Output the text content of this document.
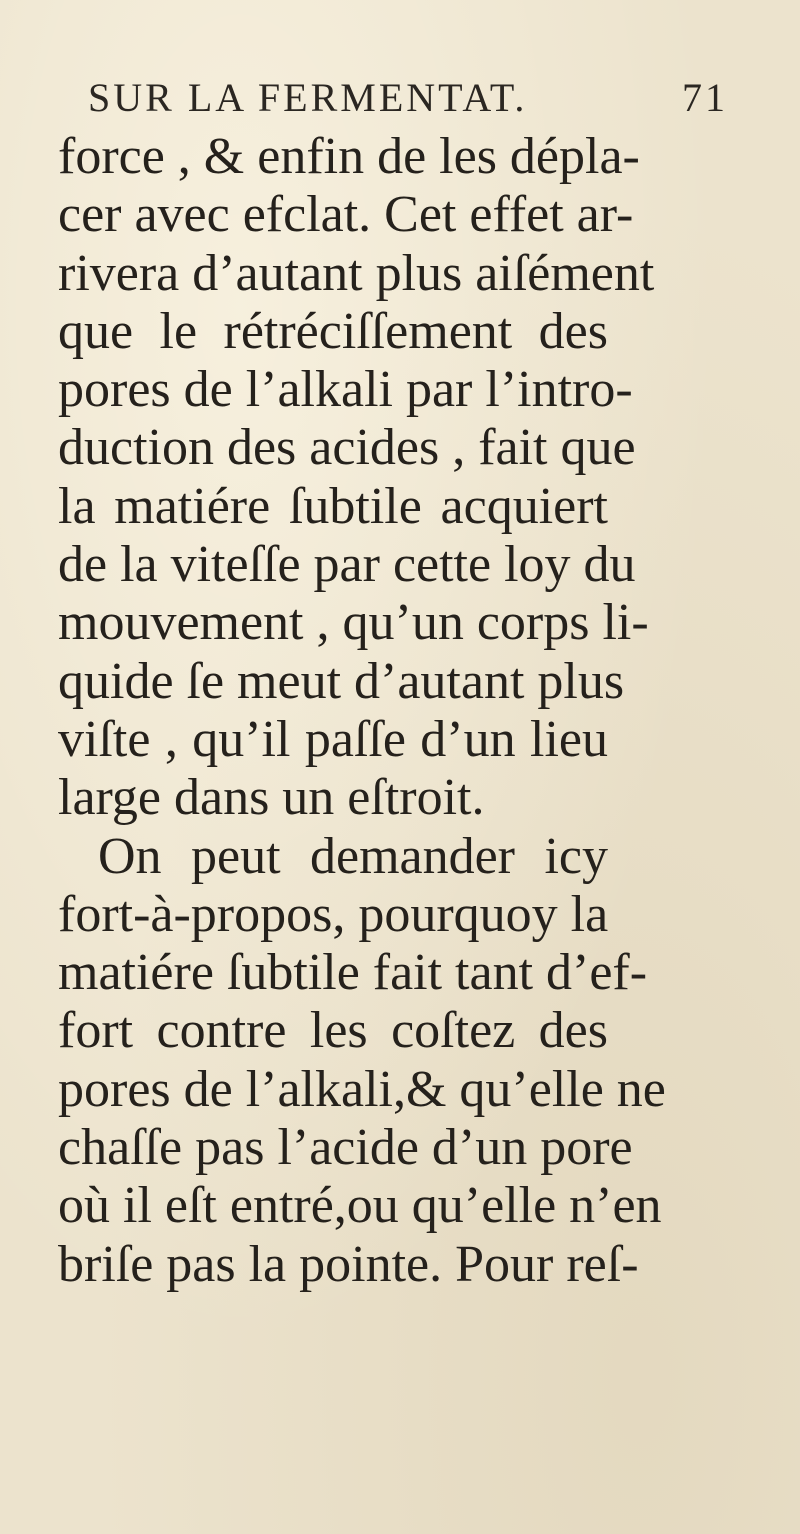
SUR LA FERMENTAT.	71
force , & enfin de les dépla-
cer avec efclat. Cet effet ar-
rivera d’autant plus aiſément
que le rétréciſſement des
pores de l’alkali par l’intro-
duction des acides , fait que
la matiére ſubtile acquiert
de la viteſſe par cette loy du
mouvement , qu’un corps li-
quide ſe meut d’autant plus
viſte , qu’il paſſe d’un lieu
large dans un eſtroit.
On peut demander icy
fort-à-propos, pourquoy la
matiére ſubtile fait tant d’ef-
fort contre les coſtez des
pores de l’alkali,& qu’elle ne
chaſſe pas l’acide d’un pore
où il eſt entré,ou qu’elle n’en
briſe pas la pointe. Pour reſ-
